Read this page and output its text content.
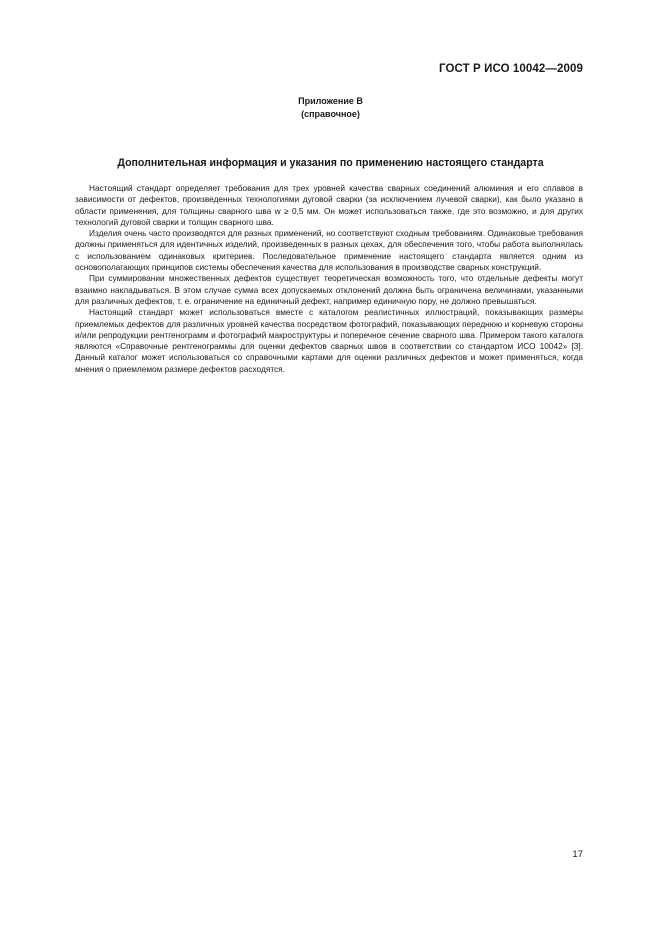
ГОСТ Р ИСО 10042—2009
Приложение В
(справочное)
Дополнительная информация и указания по применению настоящего стандарта

Настоящий стандарт определяет требования для трех уровней качества сварных соединений алюминия и его сплавов в зависимости от дефектов, произведенных технологиями дуговой сварки (за исключением лучевой сварки), как было указано в области применения, для толщины сварного шва w ≥ 0,5 мм. Он может использоваться также, где это возможно, и для других технологий дуговой сварки и толщин сварного шва.

Изделия очень часто производятся для разных применений, но соответствуют сходным требованиям. Одинаковые требования должны применяться для идентичных изделий, произведенных в разных цехах, для обеспечения того, чтобы работа выполнялась с использованием одинаковых критериев. Последовательное применение настоящего стандарта является одним из основополагающих принципов системы обеспечения качества для использования в производстве сварных конструкций.

При суммировании множественных дефектов существует теоретическая возможность того, что отдельные дефекты могут взаимно накладываться. В этом случае сумма всех допускаемых отклонений должна быть ограничена величинами, указанными для различных дефектов, т. е. ограничение на единичный дефект, например единичную пору, не должно превышаться.

Настоящий стандарт может использоваться вместе с каталогом реалистичных иллюстраций, показывающих размеры приемлемых дефектов для различных уровней качества посредством фотографий, показывающих переднюю и корневую стороны и/или репродукции рентгенограмм и фотографий макроструктуры и поперечное сечение сварного шва. Примером такого каталога являются «Справочные рентгенограммы для оценки дефектов сварных швов в соответствии со стандартом ИСО 10042» [3]. Данный каталог может использоваться со справочными картами для оценки различных дефектов и может применяться, когда мнения о приемлемом размере дефектов расходятся.

17
